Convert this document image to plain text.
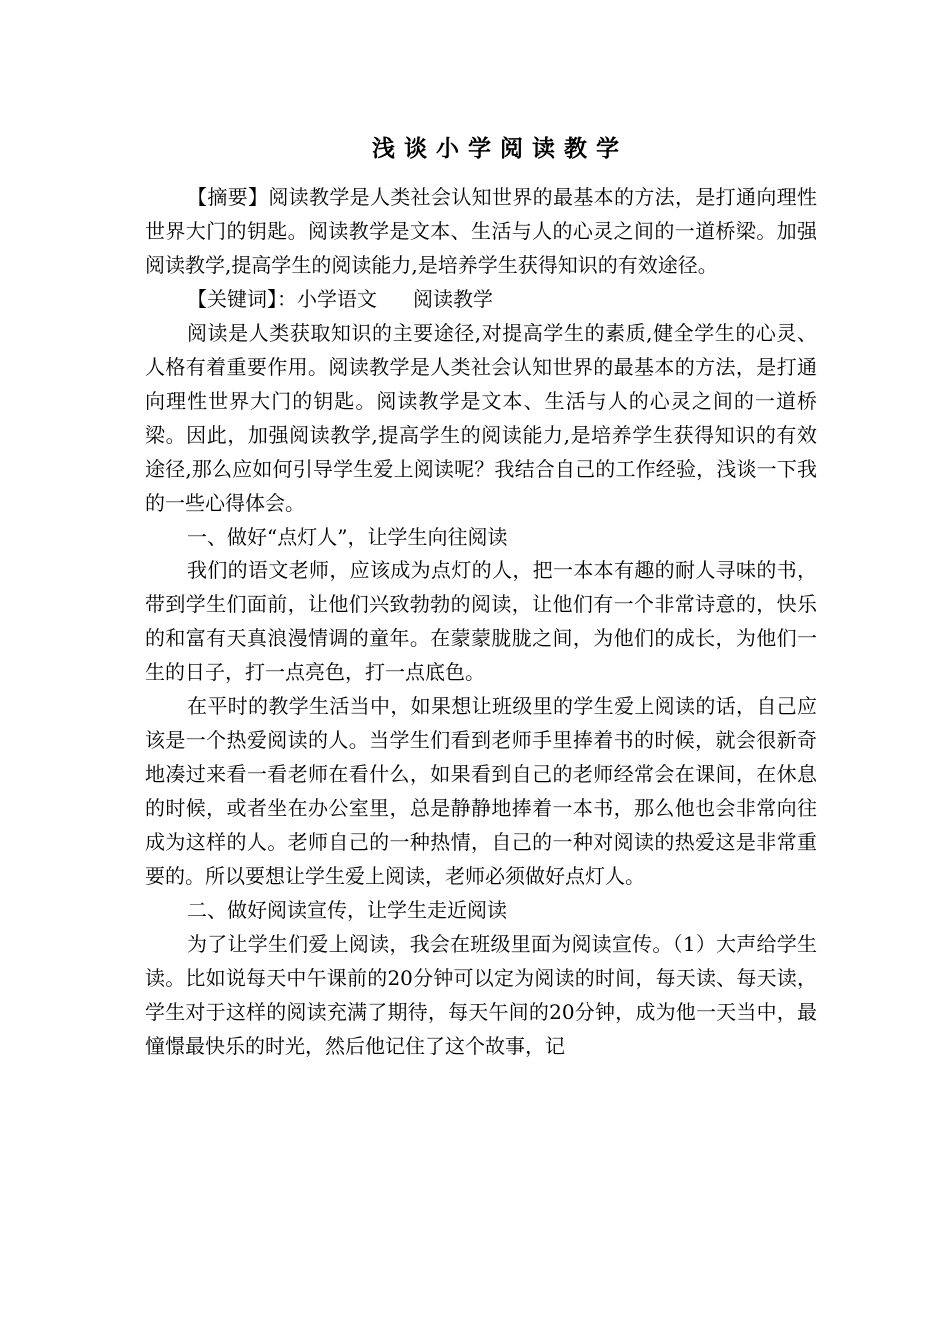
浅谈小学阅读教学

【摘要】阅读教学是人类社会认知世界的最基本的方法，是打通向理性世界大门的钥匙。阅读教学是文本、生活与人的心灵之间的一道桥梁。加强阅读教学,提高学生的阅读能力,是培养学生获得知识的有效途径。

【关键词】：小学语文 阅读教学

阅读是人类获取知识的主要途径,对提高学生的素质,健全学生的心灵、人格有着重要作用。阅读教学是人类社会认知世界的最基本的方法，是打通向理性世界大门的钥匙。阅读教学是文本、生活与人的心灵之间的一道桥梁。因此，加强阅读教学,提高学生的阅读能力,是培养学生获得知识的有效途径,那么应如何引导学生爱上阅读呢？我结合自己的工作经验，浅谈一下我的一些心得体会。

一、做好“点灯人”，让学生向往阅读

我们的语文老师，应该成为点灯的人，把一本本有趣的耐人寻味的书，带到学生们面前，让他们兴致勃勃的阅读，让他们有一个非常诗意的，快乐的和富有天真浪漫情调的童年。在蒙蒙胧胧之间，为他们的成长，为他们一生的日子，打一点亮色，打一点底色。

在平时的教学生活当中，如果想让班级里的学生爱上阅读的话，自己应该是一个热爱阅读的人。当学生们看到老师手里捧着书的时候，就会很新奇地凑过来看一看老师在看什么，如果看到自己的老师经常会在课间，在休息的时候，或者坐在办公室里，总是静静地捧着一本书，那么他也会非常向往成为这样的人。老师自己的一种热情，自己的一种对阅读的热爱这是非常重要的。所以要想让学生爱上阅读，老师必须做好点灯人。

二、做好阅读宣传，让学生走近阅读

为了让学生们爱上阅读，我会在班级里面为阅读宣传。（1）大声给学生读。比如说每天中午课前的20分钟可以定为阅读的时间，每天读、每天读，学生对于这样的阅读充满了期待，每天午间的20分钟，成为他一天当中，最憧憬最快乐的时光，然后他记住了这个故事，记
